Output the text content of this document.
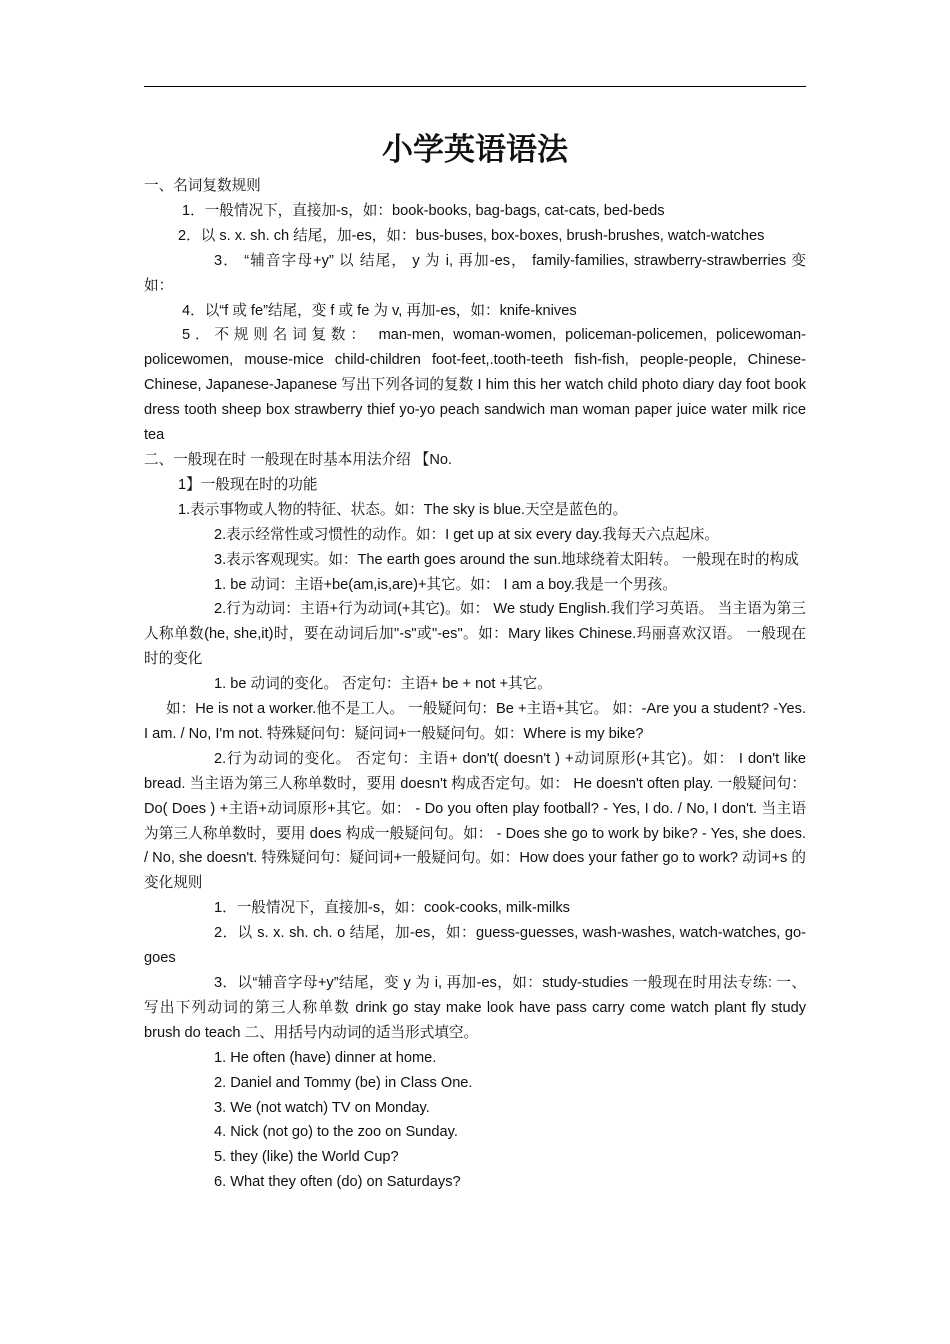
小学英语语法

一、名词复数规则

1．一般情况下，直接加-s，如：book-books, bag-bags, cat-cats, bed-beds

2．以 s. x. sh. ch 结尾，加-es，如：bus-buses, box-boxes, brush-brushes, watch-watches

3． “辅音字母+y” 以 结尾， y 为 i, 再加-es， family-families, strawberry-strawberries 变 如：

4．以“f 或 fe”结尾，变 f 或 fe 为 v, 再加-es，如：knife-knives

5．不规则名词复数： man-men, woman-women, policeman-policemen, policewoman-policewomen, mouse-mice child-children foot-feet,.tooth-teeth fish-fish, people-people, Chinese-Chinese, Japanese-Japanese 写出下列各词的复数 I him this her watch child photo diary day foot book dress tooth sheep box strawberry thief yo-yo peach sandwich man woman paper juice water milk rice tea

二、一般现在时 一般现在时基本用法介绍 【No.

1】一般现在时的功能

1.表示事物或人物的特征、状态。如：The sky is blue.天空是蓝色的。

2.表示经常性或习惯性的动作。如：I get up at six every day.我每天六点起床。

3.表示客观现实。如：The earth goes around the sun.地球绕着太阳转。 一般现在时的构成

1. be 动词：主语+be(am,is,are)+其它。如： I am a boy.我是一个男孩。

2.行为动词：主语+行为动词(+其它)。如： We study English.我们学习英语。 当主语为第三人称单数(he, she,it)时，要在动词后加"-s"或"-es"。如：Mary likes Chinese.玛丽喜欢汉语。 一般现在时的变化

1. be 动词的变化。 否定句：主语+ be + not +其它。

如：He is not a worker.他不是工人。 一般疑问句：Be +主语+其它。 如：-Are you a student? -Yes. I am. / No, I'm not. 特殊疑问句：疑问词+一般疑问句。如：Where is my bike?

2.行为动词的变化。 否定句：主语+ don't( doesn't ) +动词原形(+其它)。如： I don't like bread. 当主语为第三人称单数时，要用 doesn't 构成否定句。如： He doesn't often play. 一般疑问句：Do( Does ) +主语+动词原形+其它。如： - Do you often play football? - Yes, I do. / No, I don't. 当主语为第三人称单数时，要用 does 构成一般疑问句。如： - Does she go to work by bike? - Yes, she does. / No, she doesn't. 特殊疑问句：疑问词+一般疑问句。如：How does your father go to work? 动词+s 的变化规则

1．一般情况下，直接加-s，如：cook-cooks, milk-milks

2．以 s. x. sh. ch. o 结尾，加-es，如：guess-guesses, wash-washes, watch-watches, go-goes

3．以“辅音字母+y”结尾，变 y 为 i, 再加-es，如：study-studies 一般现在时用法专练: 一、 写出下列动词的第三人称单数 drink go stay make look have pass carry come watch plant fly study brush do teach 二、用括号内动词的适当形式填空。

1. He often (have) dinner at home.

2. Daniel and Tommy (be) in Class One.

3. We (not watch) TV on Monday.

4. Nick (not go) to the zoo on Sunday.

5. they (like) the World Cup?

6. What they often (do) on Saturdays?
